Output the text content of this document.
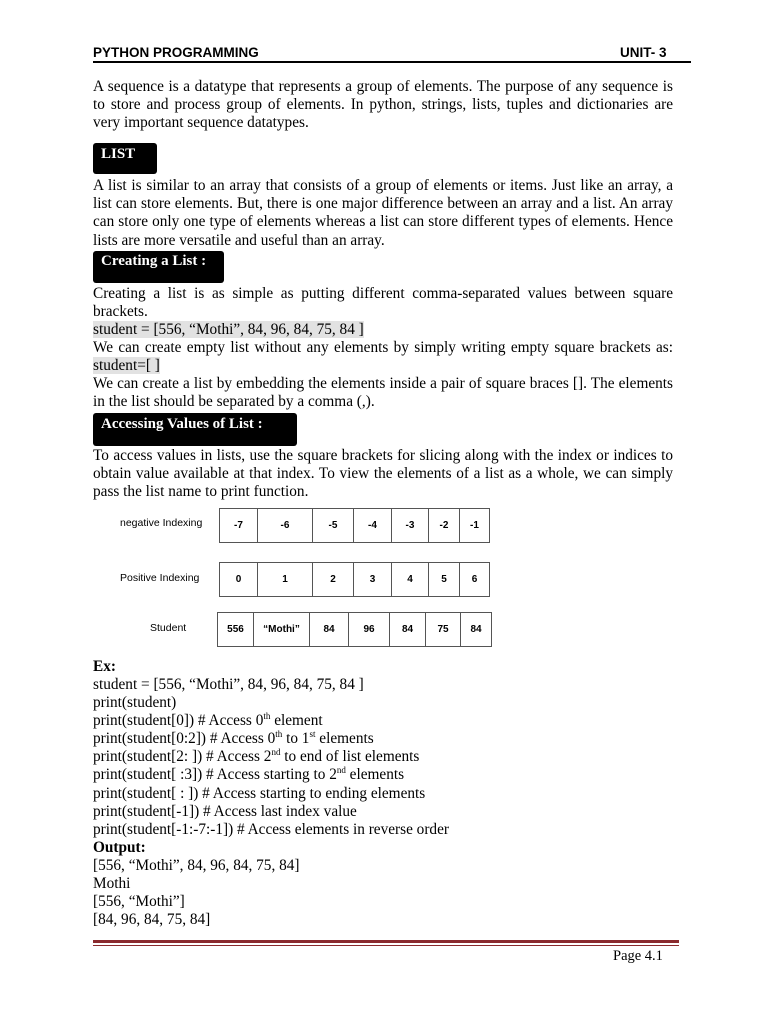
PYTHON PROGRAMMING	UNIT- 3
A sequence is a datatype that represents a group of elements. The purpose of any sequence is to store and process group of elements. In python, strings, lists, tuples and dictionaries are very important sequence datatypes.
LIST
A list is similar to an array that consists of a group of elements or items. Just like an array, a list can store elements. But, there is one major difference between an array and a list. An array can store only one type of elements whereas a list can store different types of elements. Hence lists are more versatile and useful than an array.
Creating a List :
Creating a list is as simple as putting different comma-separated values between square brackets.
student = [556, “Mothi”, 84, 96, 84, 75, 84 ]
We can create empty list without any elements by simply writing empty square brackets as: student=[ ]
We can create a list by embedding the elements inside a pair of square braces []. The elements in the list should be separated by a comma (,).
Accessing Values of List :
To access values in lists, use the square brackets for slicing along with the index or indices to obtain value available at that index. To view the elements of a list as a whole, we can simply pass the list name to print function.
negative Indexing	-7	-6	-5	-4	-3	-2	-1
Positive Indexing	0	1	2	3	4	5	6
Student	556	“Mothi”	84	96	84	75	84
Ex:
student = [556, “Mothi”, 84, 96, 84, 75, 84 ]
print(student)
print(student[0]) # Access 0th element
print(student[0:2]) # Access 0th to 1st elements
print(student[2: ]) # Access 2nd to end of list elements
print(student[ :3]) # Access starting to 2nd elements
print(student[ : ]) # Access starting to ending elements
print(student[-1]) # Access last index value
print(student[-1:-7:-1]) # Access elements in reverse order
Output:
[556, “Mothi”, 84, 96, 84, 75, 84]
Mothi
[556, “Mothi”]
[84, 96, 84, 75, 84]
Page 4.1
